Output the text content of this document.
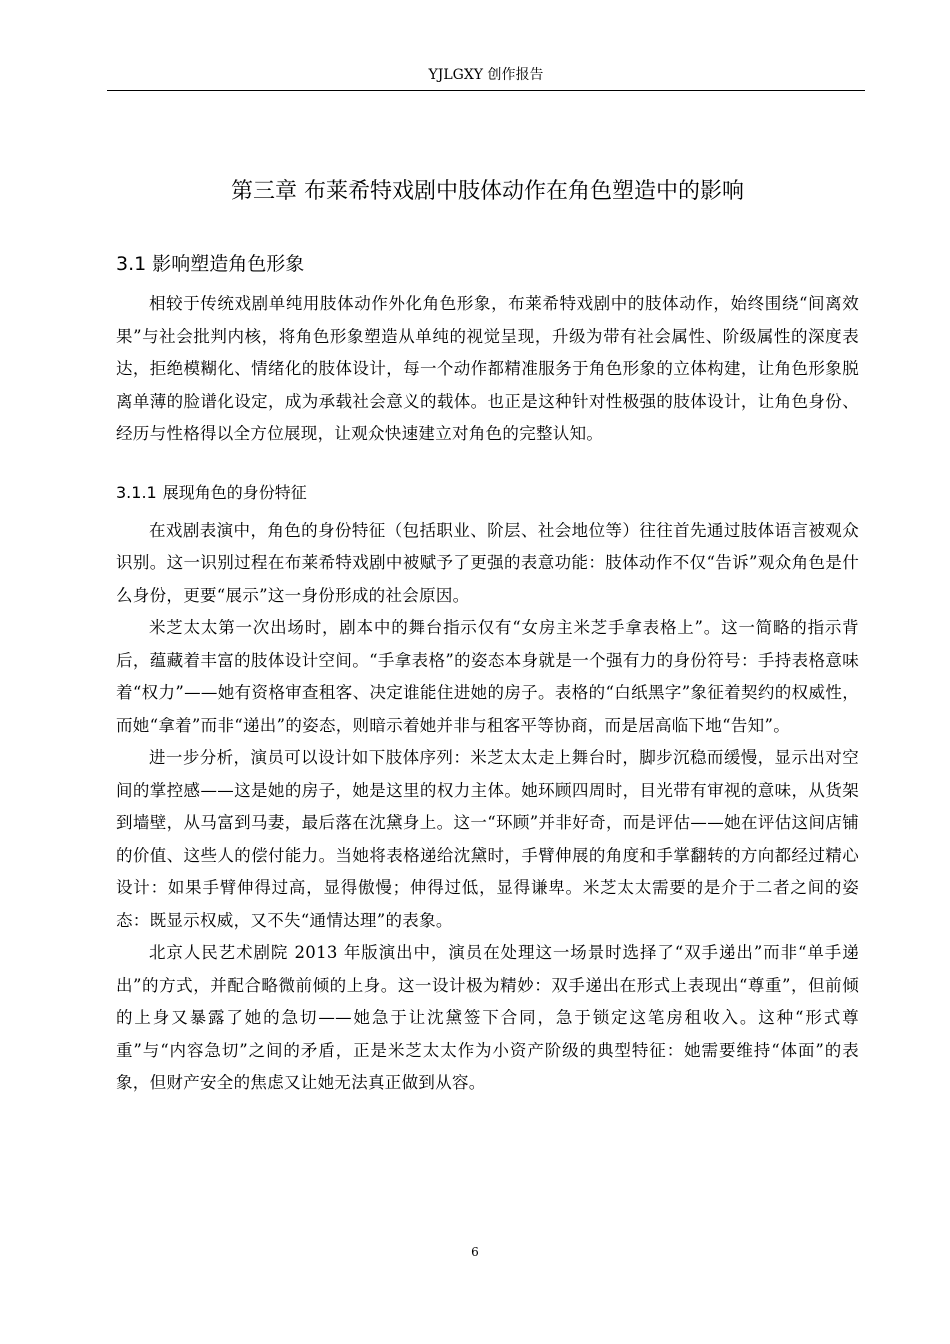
YJLGXY 创作报告
第三章 布莱希特戏剧中肢体动作在角色塑造中的影响
3.1 影响塑造角色形象

相较于传统戏剧单纯用肢体动作外化角色形象，布莱希特戏剧中的肢体动作，始终围绕“间离效果”与社会批判内核，将角色形象塑造从单纯的视觉呈现，升级为带有社会属性、阶级属性的深度表达，拒绝模糊化、情绪化的肢体设计，每一个动作都精准服务于角色形象的立体构建，让角色形象脱离单薄的脸谱化设定，成为承载社会意义的载体。也正是这种针对性极强的肢体设计，让角色身份、经历与性格得以全方位展现，让观众快速建立对角色的完整认知。

3.1.1 展现角色的身份特征

在戏剧表演中，角色的身份特征（包括职业、阶层、社会地位等）往往首先通过肢体语言被观众识别。这一识别过程在布莱希特戏剧中被赋予了更强的表意功能：肢体动作不仅“告诉”观众角色是什么身份，更要“展示”这一身份形成的社会原因。

米芝太太第一次出场时，剧本中的舞台指示仅有“女房主米芝手拿表格上”。这一简略的指示背后，蕴藏着丰富的肢体设计空间。“手拿表格”的姿态本身就是一个强有力的身份符号：手持表格意味着“权力”——她有资格审查租客、决定谁能住进她的房子。表格的“白纸黑字”象征着契约的权威性，而她“拿着”而非“递出”的姿态，则暗示着她并非与租客平等协商，而是居高临下地“告知”。

进一步分析，演员可以设计如下肢体序列：米芝太太走上舞台时，脚步沉稳而缓慢，显示出对空间的掌控感——这是她的房子，她是这里的权力主体。她环顾四周时，目光带有审视的意味，从货架到墙壁，从马富到马妻，最后落在沈黛身上。这一“环顾”并非好奇，而是评估——她在评估这间店铺的价值、这些人的偿付能力。当她将表格递给沈黛时，手臂伸展的角度和手掌翻转的方向都经过精心设计：如果手臂伸得过高，显得傲慢；伸得过低，显得谦卑。米芝太太需要的是介于二者之间的姿态：既显示权威，又不失“通情达理”的表象。

北京人民艺术剧院 2013 年版演出中，演员在处理这一场景时选择了“双手递出”而非“单手递出”的方式，并配合略微前倾的上身。这一设计极为精妙：双手递出在形式上表现出“尊重”，但前倾的上身又暴露了她的急切——她急于让沈黛签下合同，急于锁定这笔房租收入。这种“形式尊重”与“内容急切”之间的矛盾，正是米芝太太作为小资产阶级的典型特征：她需要维持“体面”的表象，但财产安全的焦虑又让她无法真正做到从容。

6
